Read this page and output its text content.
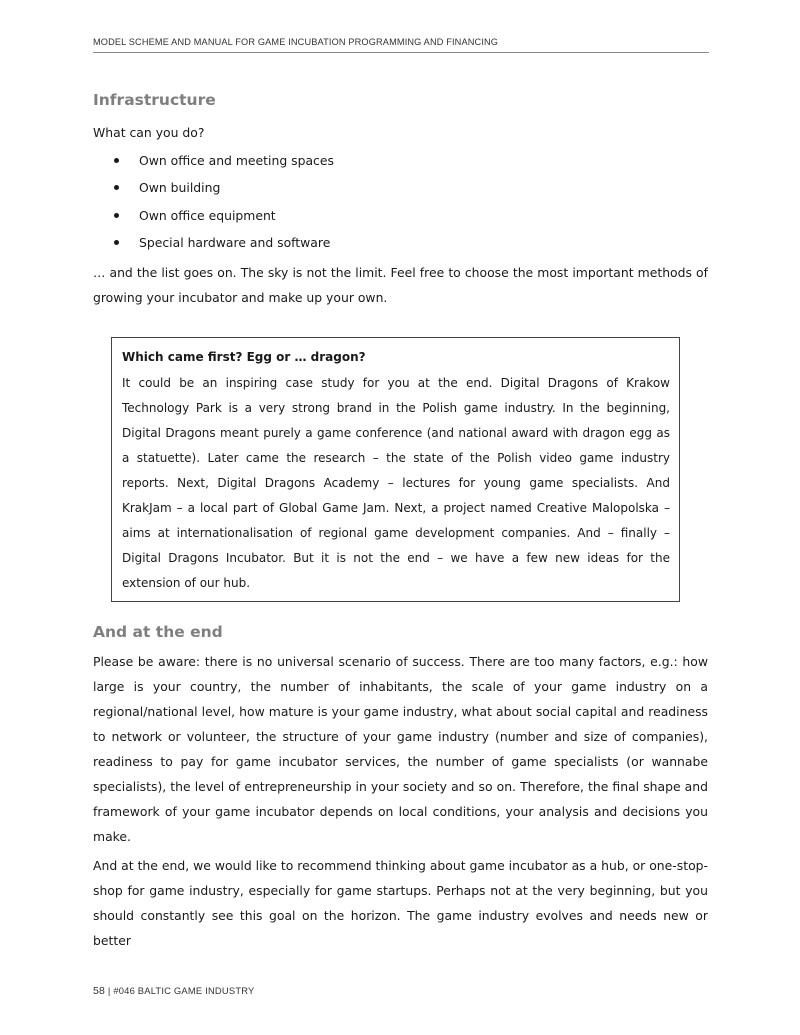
MODEL SCHEME AND MANUAL FOR GAME INCUBATION PROGRAMMING AND FINANCING
Infrastructure

What can you do?

Own office and meeting spaces
Own building
Own office equipment
Special hardware and software

… and the list goes on. The sky is not the limit. Feel free to choose the most important methods of growing your incubator and make up your own.

Which came first? Egg or … dragon?

It could be an inspiring case study for you at the end. Digital Dragons of Krakow Technology Park is a very strong brand in the Polish game industry. In the beginning, Digital Dragons meant purely a game conference (and national award with dragon egg as a statuette). Later came the research – the state of the Polish video game industry reports. Next, Digital Dragons Academy – lectures for young game specialists. And KrakJam – a local part of Global Game Jam. Next, a project named Creative Malopolska – aims at internationalisation of regional game development companies. And – finally – Digital Dragons Incubator. But it is not the end – we have a few new ideas for the extension of our hub.

And at the end

Please be aware: there is no universal scenario of success. There are too many factors, e.g.: how large is your country, the number of inhabitants, the scale of your game industry on a regional/national level, how mature is your game industry, what about social capital and readiness to network or volunteer, the structure of your game industry (number and size of companies), readiness to pay for game incubator services, the number of game specialists (or wannabe specialists), the level of entrepreneurship in your society and so on. Therefore, the final shape and framework of your game incubator depends on local conditions, your analysis and decisions you make.

And at the end, we would like to recommend thinking about game incubator as a hub, or one-stop-shop for game industry, especially for game startups. Perhaps not at the very beginning, but you should constantly see this goal on the horizon. The game industry evolves and needs new or better

58 | #046 BALTIC GAME INDUSTRY
